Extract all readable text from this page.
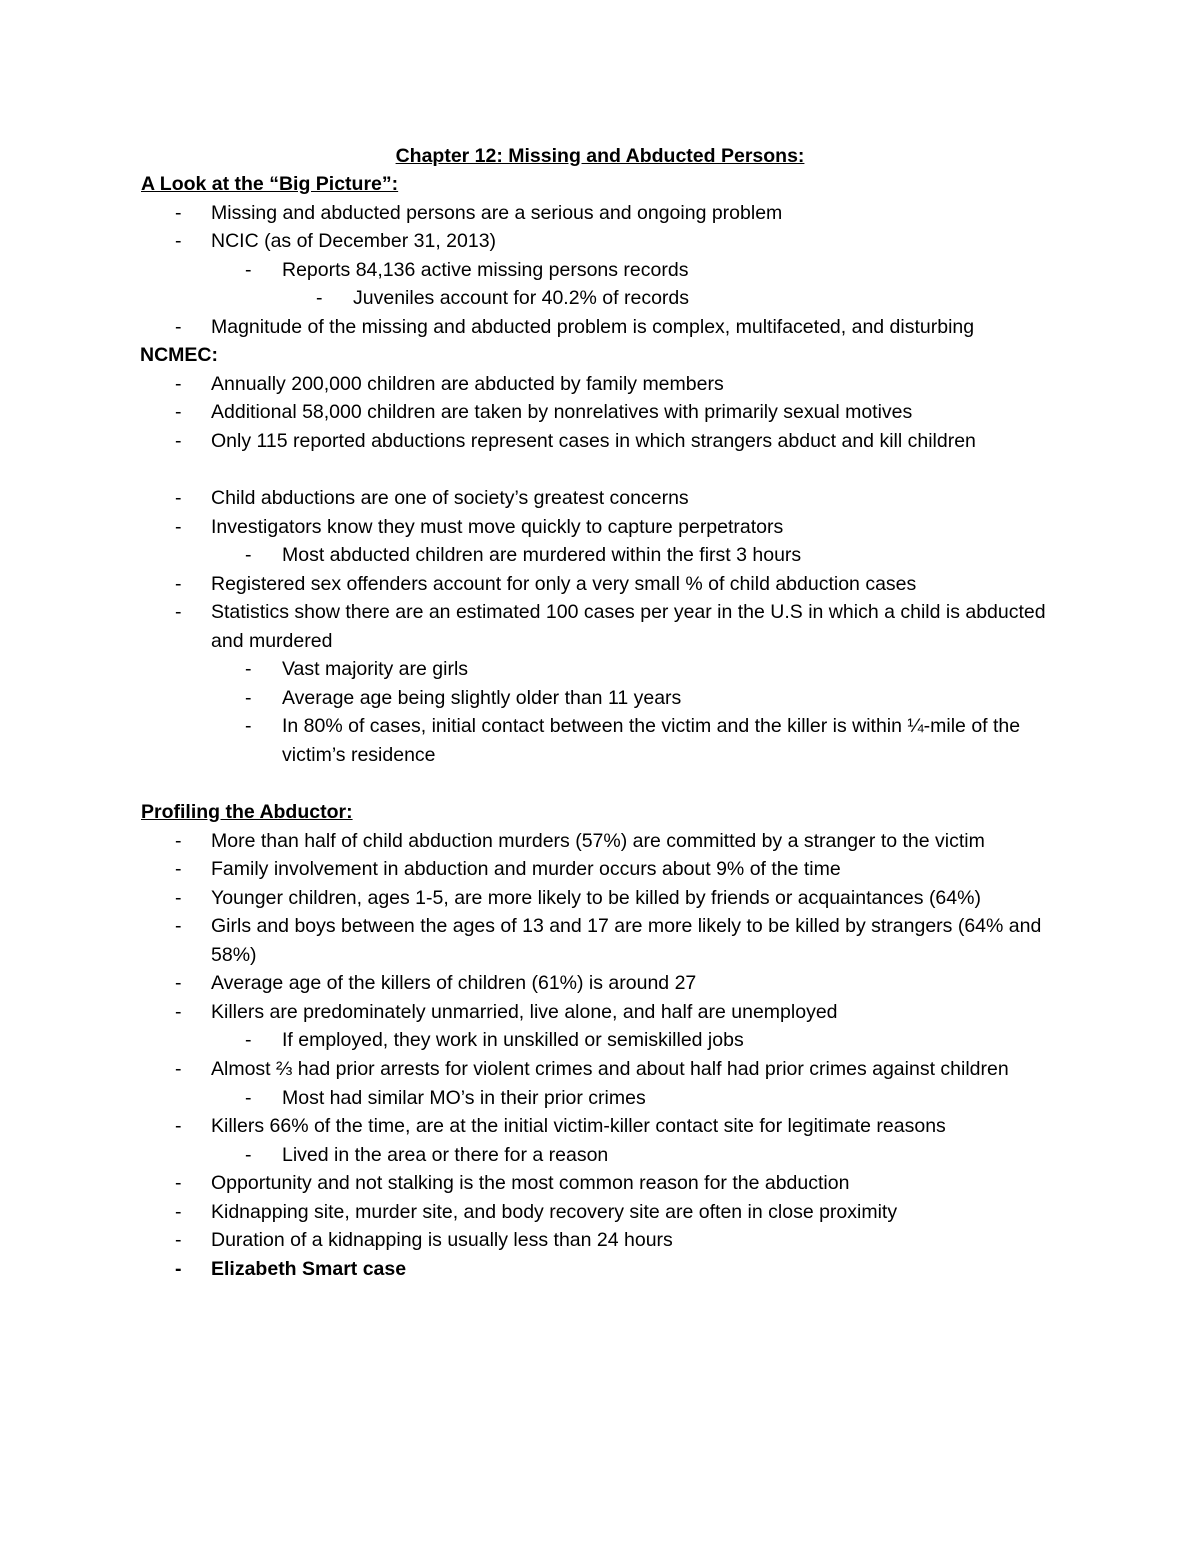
Chapter 12: Missing and Abducted Persons:
A Look at the “Big Picture”:
- Missing and abducted persons are a serious and ongoing problem
- NCIC (as of December 31, 2013)
- Reports 84,136 active missing persons records
- Juveniles account for 40.2% of records
- Magnitude of the missing and abducted problem is complex, multifaceted, and disturbing
NCMEC:
- Annually 200,000 children are abducted by family members
- Additional 58,000 children are taken by nonrelatives with primarily sexual motives
- Only 115 reported abductions represent cases in which strangers abduct and kill children
- Child abductions are one of society’s greatest concerns
- Investigators know they must move quickly to capture perpetrators
- Most abducted children are murdered within the first 3 hours
- Registered sex offenders account for only a very small % of child abduction cases
- Statistics show there are an estimated 100 cases per year in the U.S in which a child is abducted and murdered
- Vast majority are girls
- Average age being slightly older than 11 years
- In 80% of cases, initial contact between the victim and the killer is within ¼-mile of the victim’s residence
Profiling the Abductor:
- More than half of child abduction murders (57%) are committed by a stranger to the victim
- Family involvement in abduction and murder occurs about 9% of the time
- Younger children, ages 1-5, are more likely to be killed by friends or acquaintances (64%)
- Girls and boys between the ages of 13 and 17 are more likely to be killed by strangers (64% and 58%)
- Average age of the killers of children (61%) is around 27
- Killers are predominately unmarried, live alone, and half are unemployed
- If employed, they work in unskilled or semiskilled jobs
- Almost ⅔ had prior arrests for violent crimes and about half had prior crimes against children
- Most had similar MO’s in their prior crimes
- Killers 66% of the time, are at the initial victim-killer contact site for legitimate reasons
- Lived in the area or there for a reason
- Opportunity and not stalking is the most common reason for the abduction
- Kidnapping site, murder site, and body recovery site are often in close proximity
- Duration of a kidnapping is usually less than 24 hours
- Elizabeth Smart case
